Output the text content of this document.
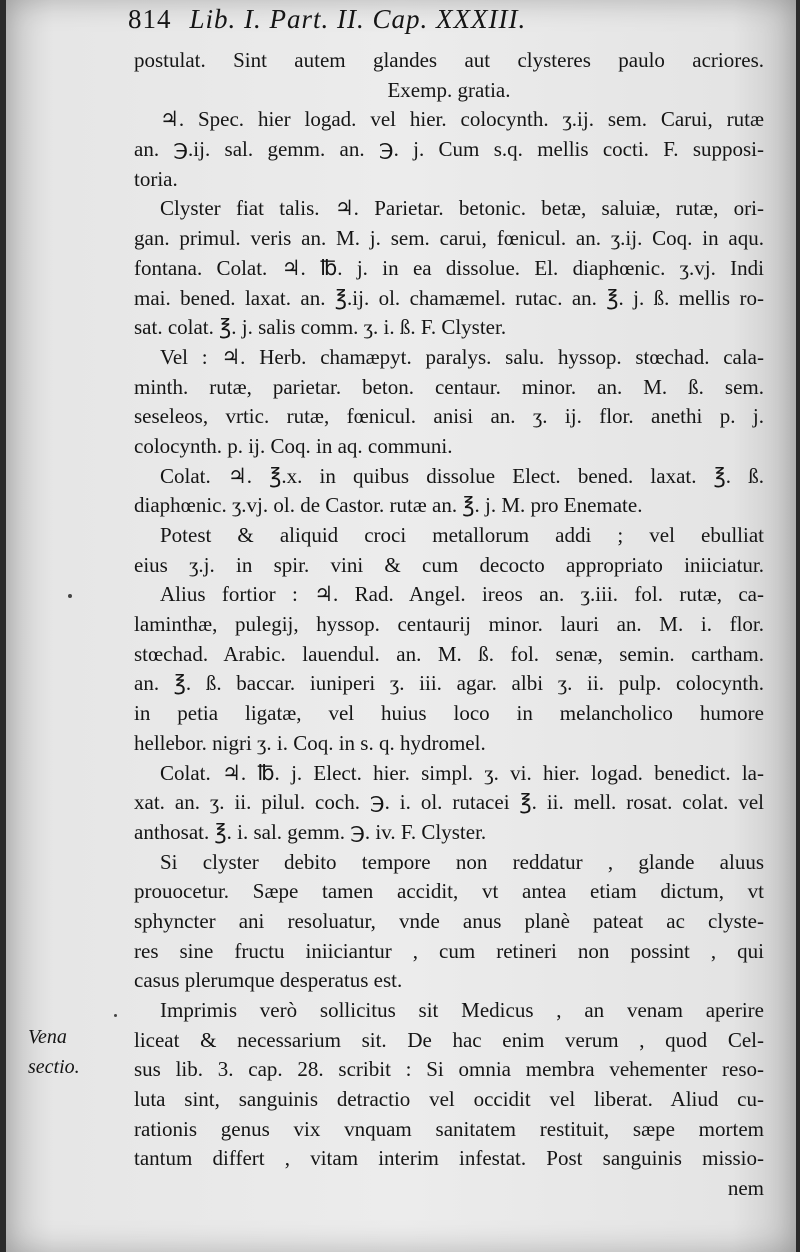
814 Lib. I. Part. II. Cap. XXXIII.
postulat. Sint autem glandes aut clysteres paulo acriores.
Exemp. gratia.
♃. Spec. hier logad. vel hier. colocynth. ʒ.ij. sem. Carui, rutæ
an. ℈.ij. sal. gemm. an. ℈. j. Cum s.q. mellis cocti. F. supposi-
toria.
Clyster fiat talis. ♃. Parietar. betonic. betæ, saluiæ, rutæ, ori-
gan. primul. veris an. M. j. sem. carui, fœnicul. an. ʒ.ij. Coq. in aqu.
fontana. Colat. ♃. ℔. j. in ea dissolue. El. diaphœnic. ʒ.vj. Indi
mai. bened. laxat. an. ℥.ij. ol. chamæmel. rutac. an. ℥. j. ß. mellis ro-
sat. colat. ℥. j. salis comm. ʒ. i. ß. F. Clyster.
Vel : ♃. Herb. chamæpyt. paralys. salu. hyssop. stœchad. cala-
minth. rutæ, parietar. beton. centaur. minor. an. M. ß. sem.
seseleos, vrtic. rutæ, fœnicul. anisi an. ʒ. ij. flor. anethi p. j.
colocynth. p. ij. Coq. in aq. communi.
Colat. ♃. ℥.x. in quibus dissolue Elect. bened. laxat. ℥. ß.
diaphœnic. ʒ.vj. ol. de Castor. rutæ an. ℥. j. M. pro Enemate.
Potest & aliquid croci metallorum addi ; vel ebulliat
eius ʒ.j. in spir. vini & cum decocto appropriato iniiciatur.
Alius fortior : ♃. Rad. Angel. ireos an. ʒ.iii. fol. rutæ, ca-
laminthæ, pulegij, hyssop. centaurij minor. lauri an. M. i. flor.
stœchad. Arabic. lauendul. an. M. ß. fol. senæ, semin. cartham.
an. ℥. ß. baccar. iuniperi ʒ. iii. agar. albi ʒ. ii. pulp. colocynth.
in petia ligatæ, vel huius loco in melancholico humore
hellebor. nigri ʒ. i. Coq. in s. q. hydromel.
Colat. ♃. ℔. j. Elect. hier. simpl. ʒ. vi. hier. logad. benedict. la-
xat. an. ʒ. ii. pilul. coch. ℈. i. ol. rutacei ℥. ii. mell. rosat. colat. vel
anthosat. ℥. i. sal. gemm. ℈. iv. F. Clyster.
Si clyster debito tempore non reddatur , glande aluus
prouocetur. Sæpe tamen accidit, vt antea etiam dictum, vt
sphyncter ani resoluatur, vnde anus planè pateat ac clyste-
res sine fructu iniiciantur , cum retineri non possint , qui
casus plerumque desperatus est.
Imprimis verò sollicitus sit Medicus , an venam aperire
liceat & necessarium sit. De hac enim verum , quod Cel-
sus lib. 3. cap. 28. scribit : Si omnia membra vehementer reso-
luta sint, sanguinis detractio vel occidit vel liberat. Aliud cu-
rationis genus vix vnquam sanitatem restituit, sæpe mortem
tantum differt , vitam interim infestat. Post sanguinis missio-
nem
Vena
sectio.
